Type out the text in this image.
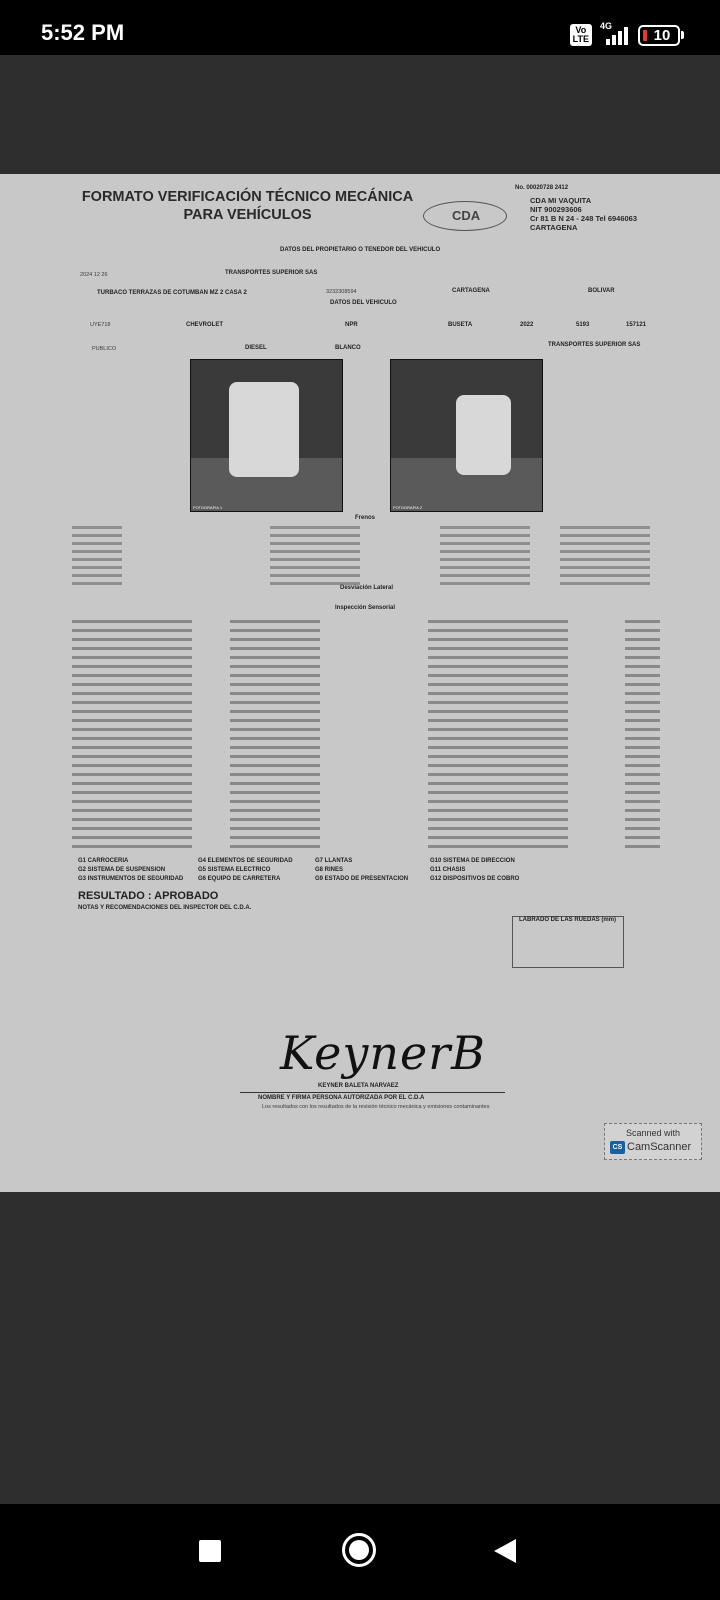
5:52 PM	Vo
LTE
4G
10
FORMATO VERIFICACIÓN TÉCNICO MECÁNICA
PARA VEHÍCULOS	CDA
No. 00020728 2412
CDA MI VAQUITA
NIT 900293606
Cr 81 B N 24 - 248 Tel 6946063
CARTAGENA
DATOS DEL PROPIETARIO O TENEDOR DEL VEHICULO
2024 12 26	TRANSPORTES SUPERIOR SAS
TURBACO TERRAZAS DE COTUMBAN MZ 2 CASA 2	3232308594	CARTAGENA	BOLIVAR
DATOS DEL VEHICULO
UYE718	CHEVROLET	NPR	BUSETA	2022	5193	157121
PUBLICO	DIESEL	BLANCO	TRANSPORTES SUPERIOR SAS
FOTOGRAFIA 1	FOTOGRAFIA 2
Frenos
Desviación Lateral
Inspección Sensorial
G1 CARROCERIA
G2 SISTEMA DE SUSPENSION
G3 INSTRUMENTOS DE SEGURIDAD
G4 ELEMENTOS DE SEGURIDAD
G5 SISTEMA ELECTRICO
G6 EQUIPO DE CARRETERA
G7 LLANTAS
G8 RINES
G9 ESTADO DE PRESENTACION
G10 SISTEMA DE DIRECCION
G11 CHASIS
G12 DISPOSITIVOS DE COBRO
RESULTADO : APROBADO
NOTAS Y RECOMENDACIONES DEL INSPECTOR DEL C.D.A.
LABRADO DE LAS RUEDAS (mm)
KeynerB
KEYNER BALETA NARVAEZ
NOMBRE Y FIRMA PERSONA AUTORIZADA POR EL C.D.A
Los resultados con los resultados de la revisión técnico mecánica y emisiones contaminantes
Scanned with
CS CamScanner
